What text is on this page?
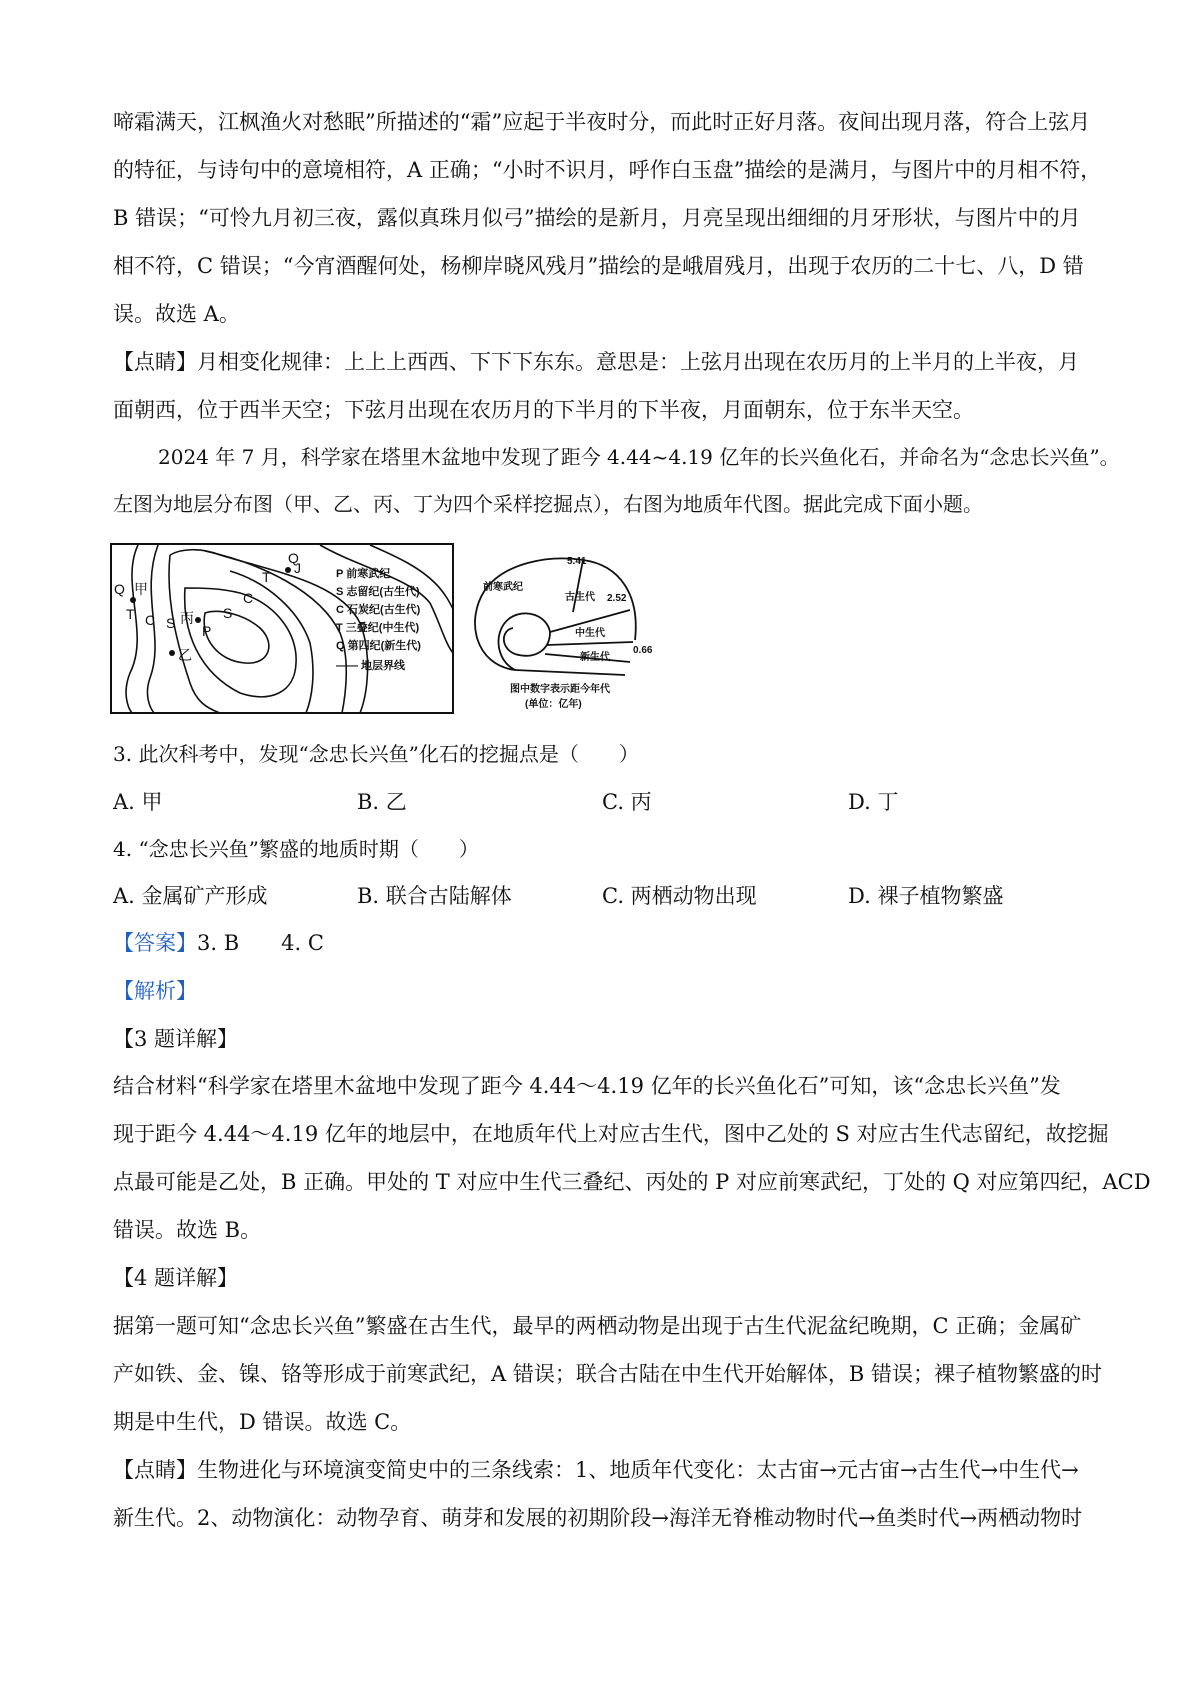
啼霜满天，江枫渔火对愁眠”所描述的“霜”应起于半夜时分，而此时正好月落。夜间出现月落，符合上弦月
的特征，与诗句中的意境相符，A 正确；“小时不识月，呼作白玉盘”描绘的是满月，与图片中的月相不符，
B 错误；“可怜九月初三夜，露似真珠月似弓”描绘的是新月，月亮呈现出细细的月牙形状，与图片中的月
相不符，C 错误；“今宵酒醒何处，杨柳岸晓风残月”描绘的是峨眉残月，出现于农历的二十七、八，D 错
误。故选 A。
【点睛】月相变化规律：上上上西西、下下下东东。意思是：上弦月出现在农历月的上半月的上半夜，月
面朝西，位于西半天空；下弦月出现在农历月的下半月的下半夜，月面朝东，位于东半天空。
2024 年 7 月，科学家在塔里木盆地中发现了距今 4.44~4.19 亿年的长兴鱼化石，并命名为“念忠长兴鱼”。
左图为地层分布图（甲、乙、丙、丁为四个采样挖掘点），右图为地质年代图。据此完成下面小题。
Q 甲
T C S 丙
P
乙
S
C
T
Q
J	P 前寒武纪
S 志留纪(古生代)
C 石炭纪(古生代)
T 三叠纪(中生代)
Q 第四纪(新生代)
—— 地层界线
前寒武纪
古生代
中生代
新生代
5.41
2.52
0.66
图中数字表示距今年代
(单位：亿年)
3. 此次科考中，发现“念忠长兴鱼”化石的挖掘点是（　　）
A. 甲	B. 乙	C. 丙	D. 丁
4. “念忠长兴鱼”繁盛的地质时期（　　）
A. 金属矿产形成	B. 联合古陆解体	C. 两栖动物出现	D. 裸子植物繁盛
【答案】3. B　　4. C
【解析】
【3 题详解】
结合材料“科学家在塔里木盆地中发现了距今 4.44～4.19 亿年的长兴鱼化石”可知，该“念忠长兴鱼”发
现于距今 4.44～4.19 亿年的地层中，在地质年代上对应古生代，图中乙处的 S 对应古生代志留纪，故挖掘
点最可能是乙处，B 正确。甲处的 T 对应中生代三叠纪、丙处的 P 对应前寒武纪，丁处的 Q 对应第四纪，ACD
错误。故选 B。
【4 题详解】
据第一题可知“念忠长兴鱼”繁盛在古生代，最早的两栖动物是出现于古生代泥盆纪晚期，C 正确；金属矿
产如铁、金、镍、铬等形成于前寒武纪，A 错误；联合古陆在中生代开始解体，B 错误；裸子植物繁盛的时
期是中生代，D 错误。故选 C。
【点睛】生物进化与环境演变简史中的三条线索：1、地质年代变化：太古宙→元古宙→古生代→中生代→
新生代。2、动物演化：动物孕育、萌芽和发展的初期阶段→海洋无脊椎动物时代→鱼类时代→两栖动物时
